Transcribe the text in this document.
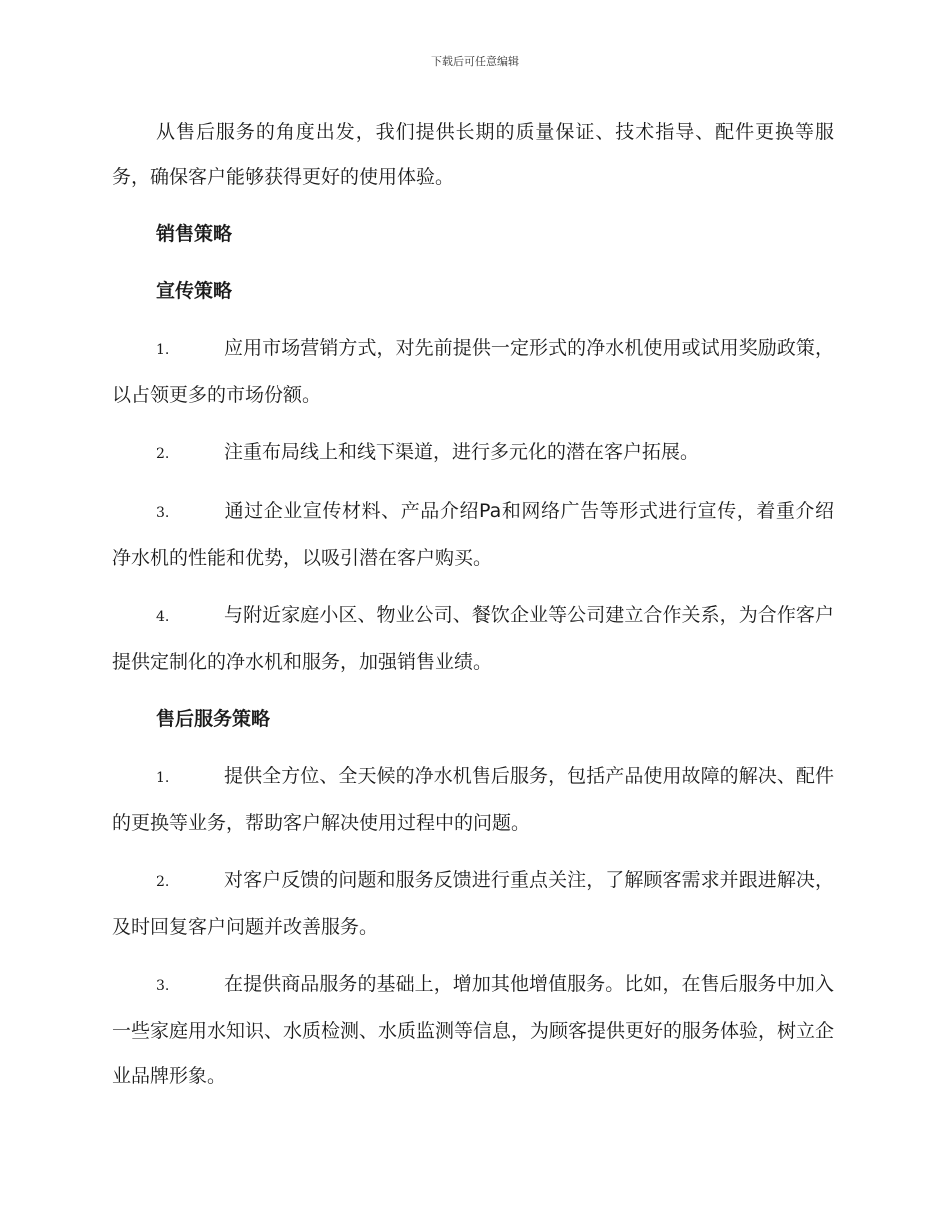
下载后可任意编辑

从售后服务的角度出发，我们提供长期的质量保证、技术指导、配件更换等服务，确保客户能够获得更好的使用体验。

销售策略
宣传策略

1.	应用市场营销方式，对先前提供一定形式的净水机使用或试用奖励政策，以占领更多的市场份额。

2.	注重布局线上和线下渠道，进行多元化的潜在客户拓展。

3.	通过企业宣传材料、产品介绍Pa和网络广告等形式进行宣传，着重介绍净水机的性能和优势，以吸引潜在客户购买。

4.	与附近家庭小区、物业公司、餐饮企业等公司建立合作关系，为合作客户提供定制化的净水机和服务，加强销售业绩。

售后服务策略

1.	提供全方位、全天候的净水机售后服务，包括产品使用故障的解决、配件的更换等业务，帮助客户解决使用过程中的问题。

2.	对客户反馈的问题和服务反馈进行重点关注，了解顾客需求并跟进解决，及时回复客户问题并改善服务。

3.	在提供商品服务的基础上，增加其他增值服务。比如，在售后服务中加入一些家庭用水知识、水质检测、水质监测等信息，为顾客提供更好的服务体验，树立企业品牌形象。
